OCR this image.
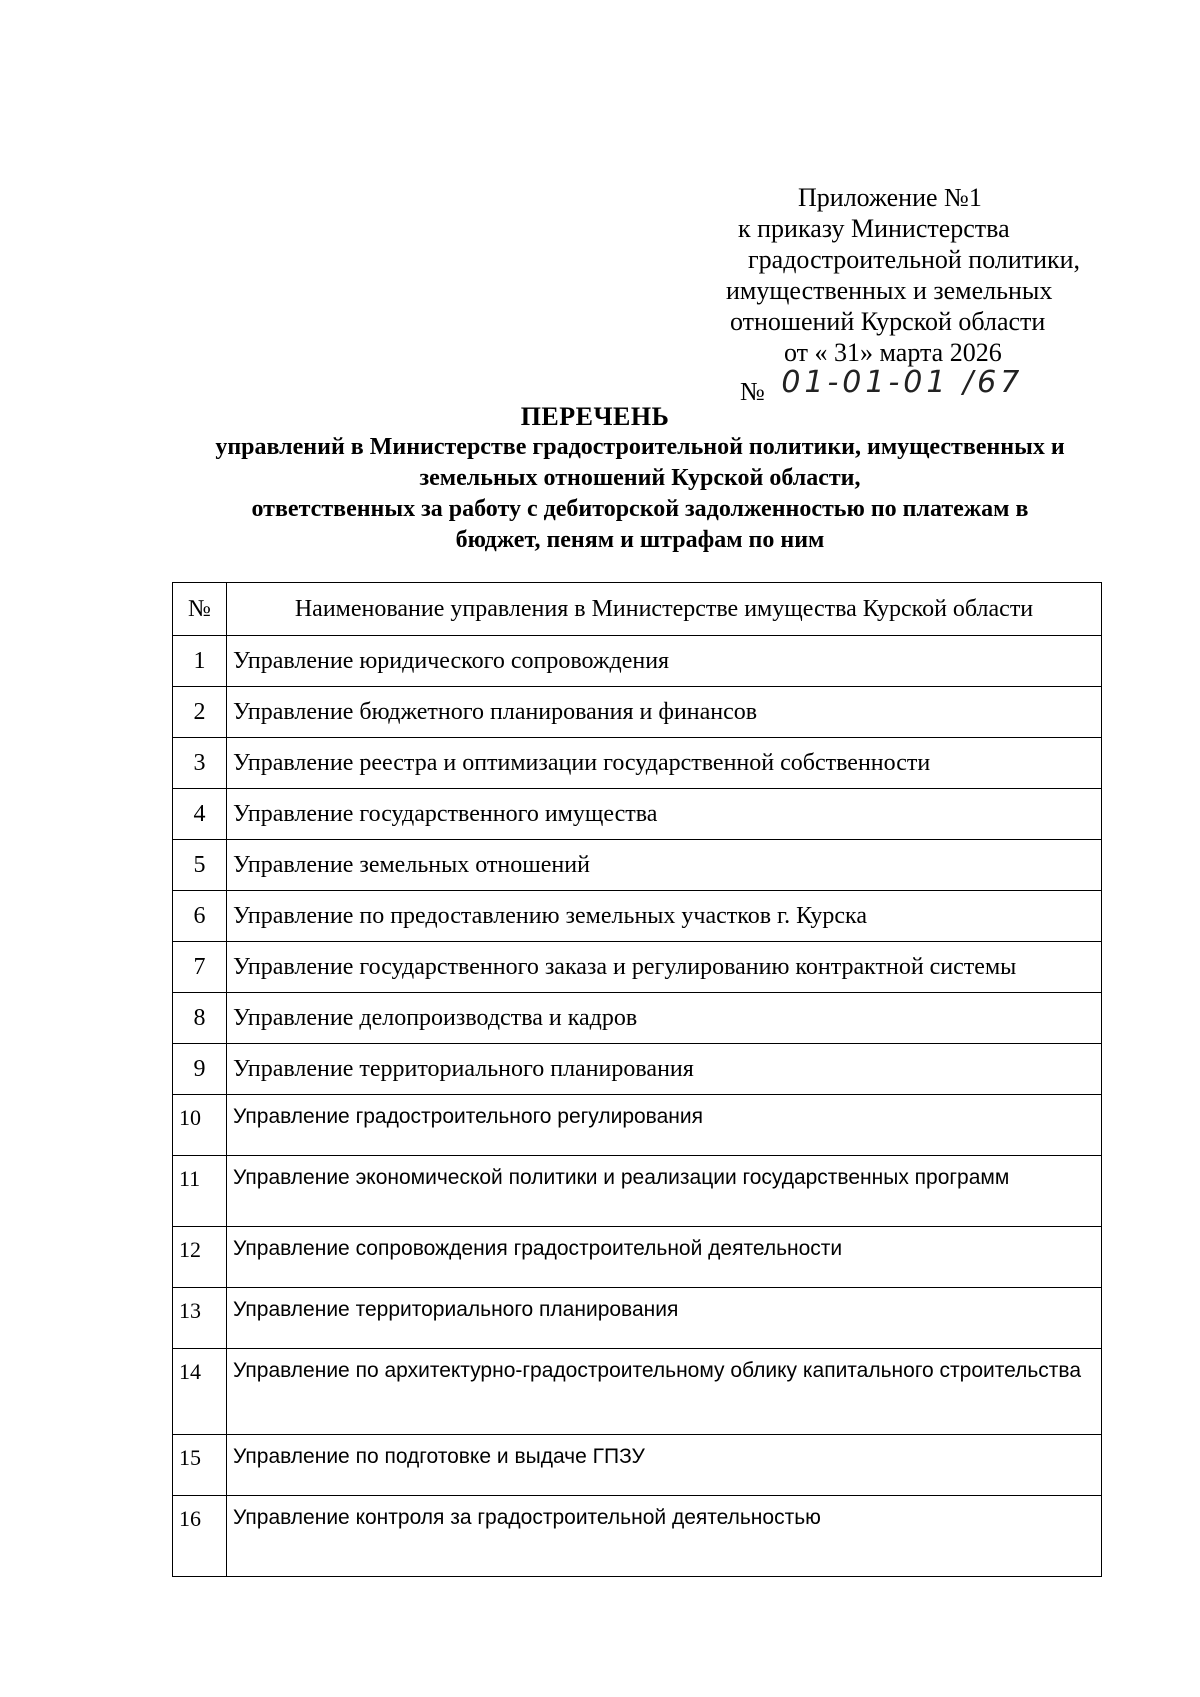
Приложение №1
к приказу Министерства
градостроительной политики,
имущественных и земельных
отношений Курской области
от « 31» марта 2026
№ 01-01-01 /67
ПЕРЕЧЕНЬ
управлений в Министерстве градостроительной политики, имущественных и
земельных отношений Курской области,
ответственных за работу с дебиторской задолженностью по платежам в
бюджет, пеням и штрафам по ним
№	Наименование управления в Министерстве имущества Курской области
1	Управление юридического сопровождения
2	Управление бюджетного планирования и финансов
3	Управление реестра и оптимизации государственной собственности
4	Управление государственного имущества
5	Управление земельных отношений
6	Управление по предоставлению земельных участков г. Курска
7	Управление государственного заказа и регулированию контрактной системы
8	Управление делопроизводства и кадров
9	Управление территориального планирования
10	Управление градостроительного регулирования
11	Управление экономической политики и реализации государственных программ
12	Управление сопровождения градостроительной деятельности
13	Управление территориального планирования
14	Управление по архитектурно-градостроительному облику капитального строительства
15	Управление по подготовке и выдаче ГПЗУ
16	Управление контроля за градостроительной деятельностью
